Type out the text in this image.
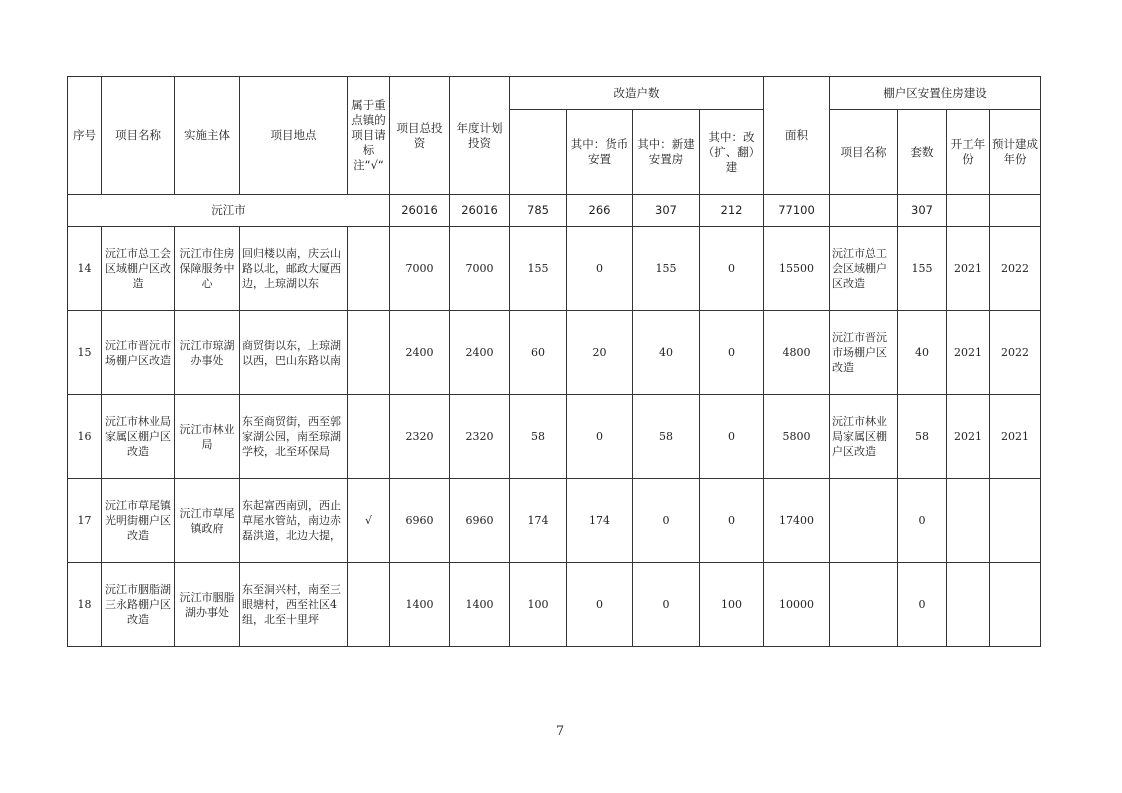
序号	项目名称	实施主体	项目地点	属于重点镇的项目请标注“√“	项目总投资	年度计划投资	改造户数				面积	棚户区安置住房建设			
								其中：货币安置	其中：新建安置房	其中：改（扩、翻）建		项目名称	套数	开工年份	预计建成年份
沅江市					26016	26016	785	266	307	212	77100		307		
14	沅江市总工会区域棚户区改造	沅江市住房保障服务中心	回归楼以南，庆云山路以北，邮政大厦西边，上琼湖以东		7000	7000	155	0	155	0	15500	沅江市总工会区域棚户区改造	155	2021	2022
15	沅江市晋沅市场棚户区改造	沅江市琼湖办事处	商贸街以东，上琼湖以西，巴山东路以南		2400	2400	60	20	40	0	4800	沅江市晋沅市场棚户区改造	40	2021	2022
16	沅江市林业局家属区棚户区改造	沅江市林业局	东至商贸街，西至郭家湖公园，南至琼湖学校，北至环保局		2320	2320	58	0	58	0	5800	沅江市林业局家属区棚户区改造	58	2021	2021
17	沅江市草尾镇光明街棚户区改造	沅江市草尾镇政府	东起富西南剅，西止草尾水管站，南边赤磊洪道，北边大提，	√	6960	6960	174	174	0	0	17400		0		
18	沅江市胭脂湖三永路棚户区改造	沅江市胭脂湖办事处	东至洞兴村，南至三眼塘村，西至社区4组，北至十里坪		1400	1400	100	0	0	100	10000		0		
7
